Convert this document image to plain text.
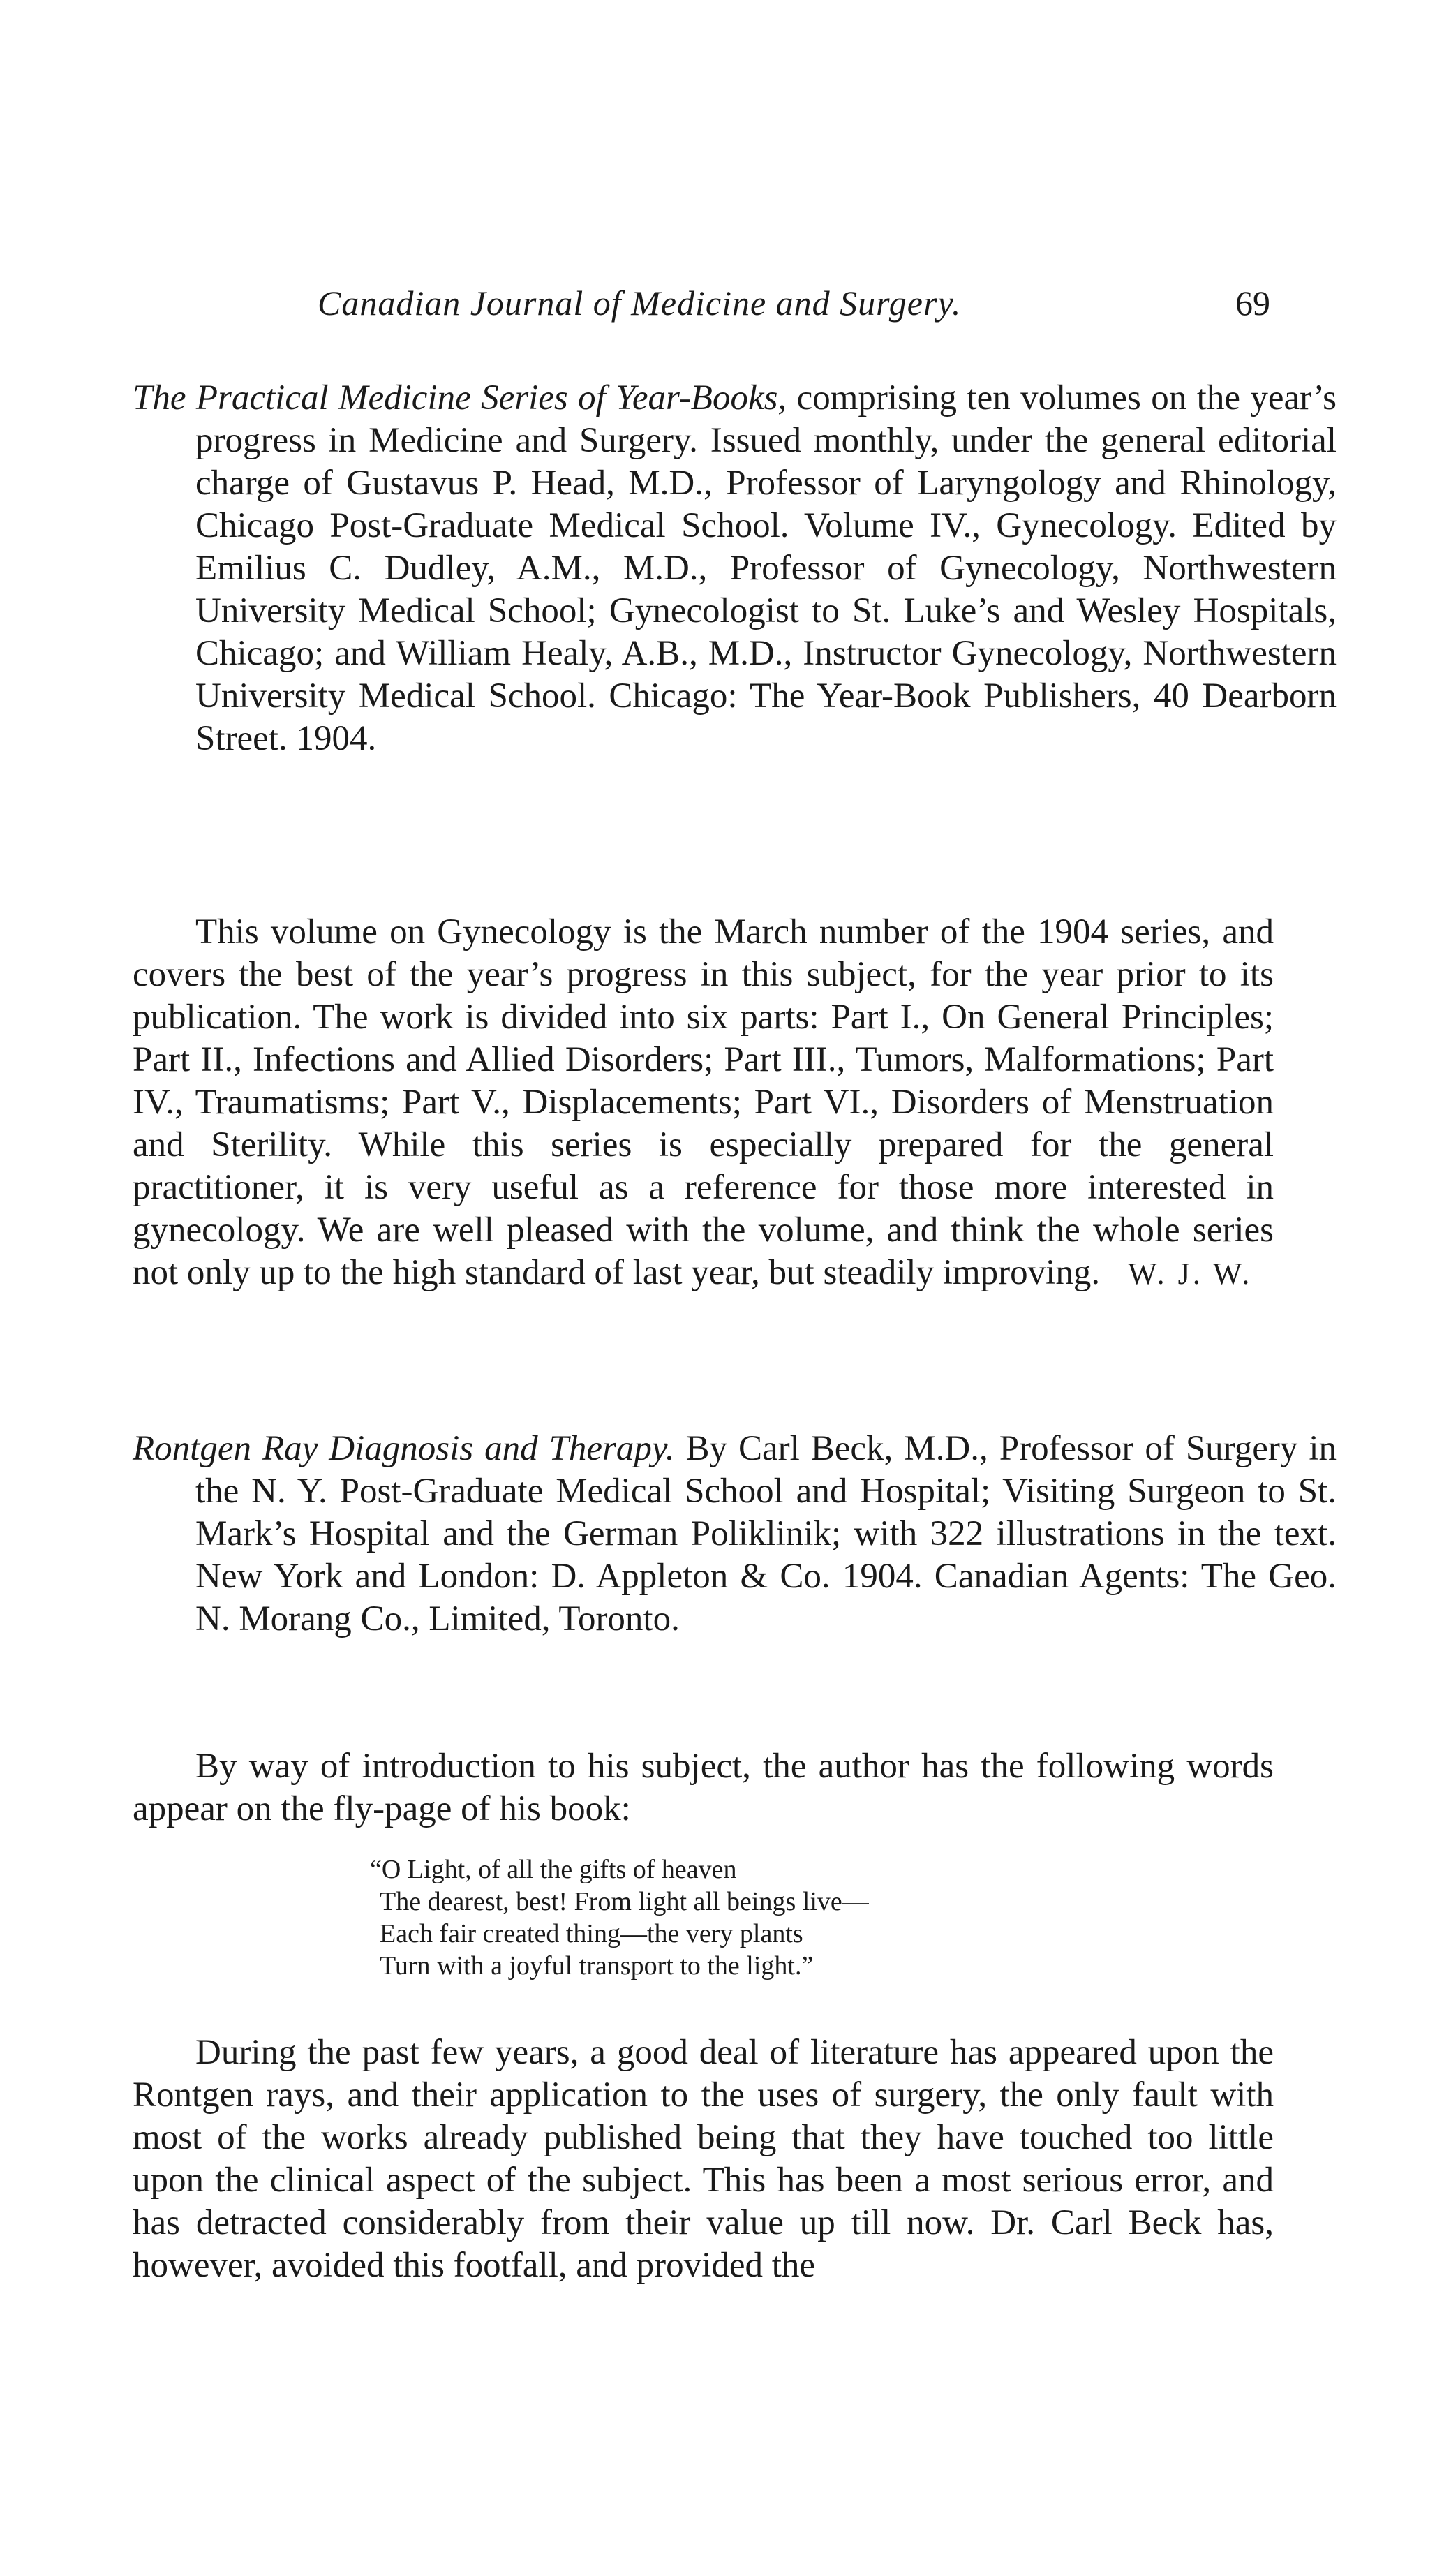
Canadian Journal of Medicine and Surgery.	69
The Practical Medicine Series of Year-Books, comprising ten volumes on the year’s progress in Medicine and Surgery. Issued monthly, under the general editorial charge of Gustavus P. Head, M.D., Professor of Laryngology and Rhinology, Chicago Post-Graduate Medical School. Volume IV., Gynecology. Edited by Emilius C. Dudley, A.M., M.D., Professor of Gynecology, Northwestern University Medical School; Gynecologist to St. Luke’s and Wesley Hospitals, Chicago; and William Healy, A.B., M.D., Instructor Gynecology, Northwestern University Medical School. Chicago: The Year-Book Publishers, 40 Dearborn Street. 1904.
This volume on Gynecology is the March number of the 1904 series, and covers the best of the year’s progress in this subject, for the year prior to its publication. The work is divided into six parts: Part I., On General Principles; Part II., Infections and Allied Disorders; Part III., Tumors, Malformations; Part IV., Traumatisms; Part V., Displacements; Part VI., Disorders of Menstruation and Sterility. While this series is especially prepared for the general practitioner, it is very useful as a reference for those more interested in gynecology. We are well pleased with the volume, and think the whole series not only up to the high standard of last year, but steadily improving. W. J. W.
Rontgen Ray Diagnosis and Therapy. By Carl Beck, M.D., Professor of Surgery in the N. Y. Post-Graduate Medical School and Hospital; Visiting Surgeon to St. Mark’s Hospital and the German Poliklinik; with 322 illustrations in the text. New York and London: D. Appleton & Co. 1904. Canadian Agents: The Geo. N. Morang Co., Limited, Toronto.
By way of introduction to his subject, the author has the following words appear on the fly-page of his book:
“O Light, of all the gifts of heaven
The dearest, best! From light all beings live—
Each fair created thing—the very plants
Turn with a joyful transport to the light.”
During the past few years, a good deal of literature has appeared upon the Rontgen rays, and their application to the uses of surgery, the only fault with most of the works already published being that they have touched too little upon the clinical aspect of the subject. This has been a most serious error, and has detracted considerably from their value up till now. Dr. Carl Beck has, however, avoided this footfall, and provided the
